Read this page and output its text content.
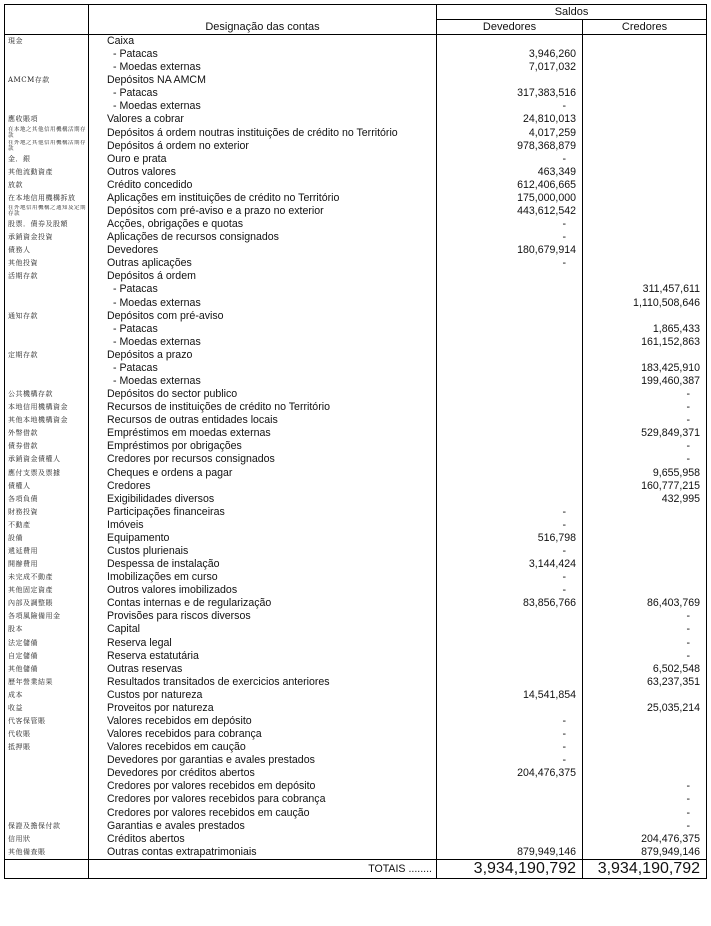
		Saldos	
	Designação das contas	Devedores	Credores
現金	Caixa		
	- Patacas	3,946,260	
	- Moedas externas	7,017,032	
AMCM存款	Depósitos NA AMCM		
	- Patacas	317,383,516	
	- Moedas externas	-	
應收賬項	Valores a cobrar	24,810,013	
在本地之其他信用機構活期存款	Depósitos á ordem noutras instituições de crédito no Território	4,017,259	
在外地之其他信用機構活期存款	Depósitos á ordem no exterior	978,368,879	
金．銀	Ouro e prata	-	
其他流動資產	Outros valores	463,349	
放款	Crédito concedido	612,406,665	
在本地信用機構拆放	Aplicações em instituições de crédito no Território	175,000,000	
在外地信用機構之通知及定期存款	Depósitos com pré-aviso e a prazo no exterior	443,612,542	
股票．債券及股額	Acções, obrigações e quotas	-	
承銷資金投資	Aplicações de recursos consignados	-	
債務人	Devedores	180,679,914	
其他投資	Outras aplicações	-	
活期存款	Depósitos á ordem		
	- Patacas		311,457,611
	- Moedas externas		1,110,508,646
通知存款	Depósitos com pré-aviso		
	- Patacas		1,865,433
	- Moedas externas		161,152,863
定期存款	Depósitos a prazo		
	- Patacas		183,425,910
	- Moedas externas		199,460,387
公共機構存款	Depósitos do sector publico		-
本地信用機構資金	Recursos de instituições de crédito no Território		-
其他本地機構資金	Recursos de outras entidades locais		-
外幣借款	Empréstimos em moedas externas		529,849,371
債券借款	Empréstimos por obrigações		-
承銷資金債權人	Credores por recursos consignados		-
應付支票及票據	Cheques e ordens a pagar		9,655,958
債權人	Credores		160,777,215
各項負債	Exigibilidades diversos		432,995
財務投資	Participações financeiras	-	
不動產	Imóveis	-	
設備	Equipamento	516,798	
遞延費用	Custos plurienais	-	
開辦費用	Despessa de instalação	3,144,424	
未完成不動產	Imobilizações em curso	-	
其他固定資產	Outros valores imobilizados	-	
內部及調整賬	Contas internas e de regularização	83,856,766	86,403,769
各項風險備用金	Provisões para riscos diversos		-
股本	Capital		-
法定儲備	Reserva legal		-
自定儲備	Reserva estatutária		-
其他儲備	Outras reservas		6,502,548
歷年營業結果	Resultados transitados de exercicios anteriores		63,237,351
成本	Custos por natureza	14,541,854	
收益	Proveitos por natureza		25,035,214
代客保管賬	Valores recebidos em depósito	-	
代收賬	Valores recebidos para cobrança	-	
抵押賬	Valores recebidos em caução	-	
	Devedores por garantias e avales prestados	-	
	Devedores por créditos abertos	204,476,375	
	Credores por valores recebidos em depósito		-
	Credores por valores recebidos para cobrança		-
	Credores por valores recebidos em caução		-
保證及擔保付款	Garantias e avales prestados		-
信用狀	Créditos abertos		204,476,375
其他備查賬	Outras contas extrapatrimoniais	879,949,146	879,949,146
	TOTAIS ........	3,934,190,792	3,934,190,792
